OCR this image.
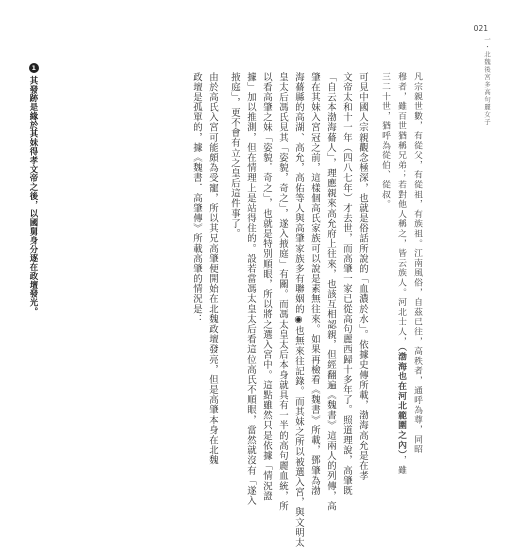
021
一・北魏後宮多高句麗女子
凡宗親世數，有從父，有從祖，有族祖。江南風俗，自茲已往，高秩者，通呼為尊，同昭
穆者，雖百世猶稱兄弟；若對他人稱之，皆云族人。河北士人，（渤海也在河北範圍之內），雖
三二十世，猶呼為從伯、從叔。
可見中國人宗親觀念極深，也就是俗話所說的「血濃於水」。依據史傳所載，渤海高允是在孝
文帝太和十一年（四八七年）才去世，而高肇一家已從高句麗西歸十多年了。照道理說，高肇既
「自云本渤海蓨人」，理應親來高允府上往來，也該互相認親，但經翻遍《魏書》這兩人的列傳，高
肇在其妹入宮冠之前，這樣個高氏家族可以說是素無往來。如果再檢看《魏書》所載，鄧肇為渤
海蓨縣的高湖、高允，高佑等人與高肇家族多有聯姻的◉也無來往記錄。而其妹之所以被選入宮，與文明太
皇太后馮氏見其「姿貌，奇之」，遂入掖庭」有關。而馮太皇太后本身就具有一半的高句麗血統，所
以看高肇之妹「姿貌．奇之」，也就是特別順眼，所以將之選入宮中。這點雖然只是依據「情況證
據」加以推測，但在情理上是站得住的。設若當馮太皇太后看這位高氏不順眼，當然就沒有「遂入
掖庭」，更不會有立之皇后這件事了。
由於高氏入宮可能頗為受寵，所以其兄高肇便開始在北魏政壇發亮，但是高肇本身在北魏
政壇是孤單的，據《魏書．高肇傳》所載高肇的情況是：
1其發跡是緣於其妹得孝文帝之後，以國舅身分逐在政壇發光。
